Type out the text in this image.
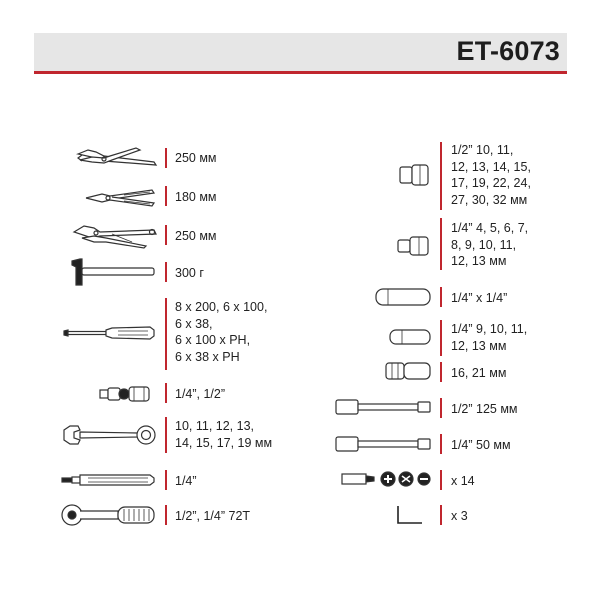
ET-6073
250 мм
180 мм
250 мм
300 г
8 x 200, 6 x 100,
6 x 38,
6 x 100 x PH,
6 x 38 x PH
1/4”, 1/2”
10, 11, 12, 13,
14, 15, 17, 19 мм
1/4”
1/2”, 1/4” 72T
1/2” 10, 11,
12, 13, 14, 15,
17, 19, 22, 24,
27, 30, 32 мм
1/4” 4, 5, 6, 7,
8, 9, 10, 11,
12, 13 мм
1/4” x 1/4”
1/4” 9, 10, 11,
12, 13 мм
16, 21 мм
1/2” 125 мм
1/4” 50 мм
x 14
x 3
